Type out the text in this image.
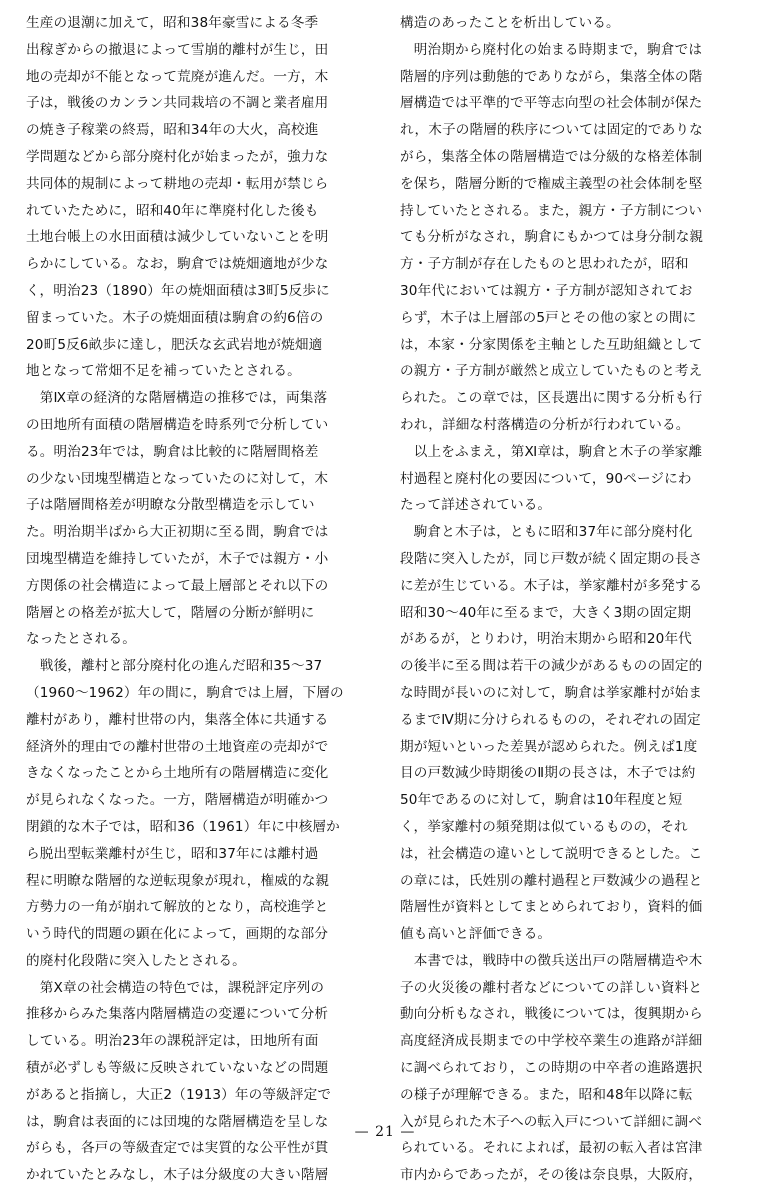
生産の退潮に加えて，昭和38年豪雪による冬季
出稼ぎからの撤退によって雪崩的離村が生じ，田
地の売却が不能となって荒廃が進んだ。一方，木
子は，戦後のカンラン共同栽培の不調と業者雇用
の焼き子稼業の終焉，昭和34年の大火，高校進
学問題などから部分廃村化が始まったが，強力な
共同体的規制によって耕地の売却・転用が禁じら
れていたために，昭和40年に準廃村化した後も
土地台帳上の水田面積は減少していないことを明
らかにしている。なお，駒倉では焼畑適地が少な
く，明治23（1890）年の焼畑面積は3町5反歩に
留まっていた。木子の焼畑面積は駒倉の約6倍の
20町5反6畝歩に達し，肥沃な玄武岩地が焼畑適
地となって常畑不足を補っていたとされる。
　第Ⅸ章の経済的な階層構造の推移では，両集落
の田地所有面積の階層構造を時系列で分析してい
る。明治23年では，駒倉は比較的に階層間格差
の少ない団塊型構造となっていたのに対して，木
子は階層間格差が明瞭な分散型構造を示してい
た。明治期半ばから大正初期に至る間，駒倉では
団塊型構造を維持していたが，木子では親方・小
方関係の社会構造によって最上層部とそれ以下の
階層との格差が拡大して，階層の分断が鮮明に
なったとされる。
　戦後，離村と部分廃村化の進んだ昭和35～37
（1960～1962）年の間に，駒倉では上層，下層の
離村があり，離村世帯の内，集落全体に共通する
経済外的理由での離村世帯の土地資産の売却がで
きなくなったことから土地所有の階層構造に変化
が見られなくなった。一方，階層構造が明確かつ
閉鎖的な木子では，昭和36（1961）年に中核層か
ら脱出型転業離村が生じ，昭和37年には離村過
程に明瞭な階層的な逆転現象が現れ，権威的な親
方勢力の一角が崩れて解放的となり，高校進学と
いう時代的問題の顕在化によって，画期的な部分
的廃村化段階に突入したとされる。
　第Ⅹ章の社会構造の特色では，課税評定序列の
推移からみた集落内階層構造の変遷について分析
している。明治23年の課税評定は，田地所有面
積が必ずしも等級に反映されていないなどの問題
があると指摘し，大正2（1913）年の等級評定で
は，駒倉は表面的には団塊的な階層構造を呈しな
がらも，各戸の等級査定では実質的な公平性が貫
かれていたとみなし，木子は分級度の大きい階層
構造のあったことを析出している。
　明治期から廃村化の始まる時期まで，駒倉では
階層的序列は動態的でありながら，集落全体の階
層構造では平準的で平等志向型の社会体制が保た
れ，木子の階層的秩序については固定的でありな
がら，集落全体の階層構造では分級的な格差体制
を保ち，階層分断的で権威主義型の社会体制を堅
持していたとされる。また，親方・子方制につい
ても分析がなされ，駒倉にもかつては身分制な親
方・子方制が存在したものと思われたが，昭和
30年代においては親方・子方制が認知されてお
らず，木子は上層部の5戸とその他の家との間に
は，本家・分家関係を主軸とした互助組織として
の親方・子方制が厳然と成立していたものと考え
られた。この章では，区長選出に関する分析も行
われ，詳細な村落構造の分析が行われている。
　以上をふまえ，第Ⅺ章は，駒倉と木子の挙家離
村過程と廃村化の要因について，90ページにわ
たって詳述されている。
　駒倉と木子は，ともに昭和37年に部分廃村化
段階に突入したが，同じ戸数が続く固定期の長さ
に差が生じている。木子は，挙家離村が多発する
昭和30～40年に至るまで，大きく3期の固定期
があるが，とりわけ，明治末期から昭和20年代
の後半に至る間は若干の減少があるものの固定的
な時間が長いのに対して，駒倉は挙家離村が始ま
るまでⅣ期に分けられるものの，それぞれの固定
期が短いといった差異が認められた。例えば1度
目の戸数減少時期後のⅡ期の長さは，木子では約
50年であるのに対して，駒倉は10年程度と短
く，挙家離村の頻発期は似ているものの，それ
は，社会構造の違いとして説明できるとした。こ
の章には，氏姓別の離村過程と戸数減少の過程と
階層性が資料としてまとめられており，資料的価
値も高いと評価できる。
　本書では，戦時中の徴兵送出戸の階層構造や木
子の火災後の離村者などについての詳しい資料と
動向分析もなされ，戦後については，復興期から
高度経済成長期までの中学校卒業生の進路が詳細
に調べられており，この時期の中卒者の進路選択
の様子が理解できる。また，昭和48年以降に転
入が見られた木子への転入戸について詳細に調べ
られている。それによれば，最初の転入者は宮津
市内からであったが，その後は奈良県，大阪府，
— 21 —
